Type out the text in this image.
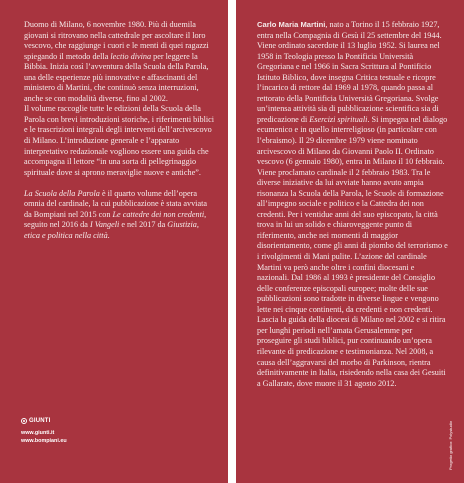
Duomo di Milano, 6 novembre 1980. Più di duemila giovani si ritrovano nella cattedrale per ascoltare il loro vescovo, che raggiunge i cuori e le menti di quei ragazzi spiegando il metodo della lectio divina per leggere la Bibbia. Inizia così l’avventura della Scuola della Parola, una delle esperienze più innovative e affascinanti del ministero di Martini, che continuò senza interruzioni, anche se con modalità diverse, fino al 2002.

Il volume raccoglie tutte le edizioni della Scuola della Parola con brevi introduzioni storiche, i riferimenti biblici e le trascrizioni integrali degli interventi dell’arcivescovo di Milano. L’introduzione generale e l’apparato interpretativo redazionale vogliono essere una guida che accompagna il lettore “in una sorta di pellegrinaggio spirituale dove si aprono meraviglie nuove e antiche”.

La Scuola della Parola è il quarto volume dell’opera omnia del cardinale, la cui pubblicazione è stata avviata da Bompiani nel 2015 con Le cattedre dei non credenti, seguito nel 2016 da I Vangeli e nel 2017 da Giustizia, etica e politica nella città.

Carlo Maria Martini, nato a Torino il 15 febbraio 1927, entra nella Compagnia di Gesù il 25 settembre del 1944. Viene ordinato sacerdote il 13 luglio 1952. Si laurea nel 1958 in Teologia presso la Pontificia Università Gregoriana e nel 1966 in Sacra Scrittura al Pontificio Istituto Biblico, dove insegna Critica testuale e ricopre l’incarico di rettore dal 1969 al 1978, quando passa al rettorato della Pontificia Università Gregoriana. Svolge un’intensa attività sia di pubblicazione scientifica sia di predicazione di Esercizi spirituali. Si impegna nel dialogo ecumenico e in quello interreligioso (in particolare con l’ebraismo). Il 29 dicembre 1979 viene nominato arcivescovo di Milano da Giovanni Paolo II. Ordinato vescovo (6 gennaio 1980), entra in Milano il 10 febbraio. Viene proclamato cardinale il 2 febbraio 1983. Tra le diverse iniziative da lui avviate hanno avuto ampia risonanza la Scuola della Parola, le Scuole di formazione all’impegno sociale e politico e la Cattedra dei non credenti. Per i ventidue anni del suo episcopato, la città trova in lui un solido e chiaroveggente punto di riferimento, anche nei momenti di maggior disorientamento, come gli anni di piombo del terrorismo e i rivolgimenti di Mani pulite. L’azione del cardinale Martini va però anche oltre i confini diocesani e nazionali. Dal 1986 al 1993 è presidente del Consiglio delle conferenze episcopali europee; molte delle sue pubblicazioni sono tradotte in diverse lingue e vengono lette nei cinque continenti, da credenti e non credenti. Lascia la guida della diocesi di Milano nel 2002 e si ritira per lunghi periodi nell’amata Gerusalemme per proseguire gli studi biblici, pur continuando un’opera rilevante di predicazione e testimonianza. Nel 2008, a causa dell’aggravarsi del morbo di Parkinson, rientra definitivamente in Italia, risiedendo nella casa dei Gesuiti a Gallarate, dove muore il 31 agosto 2012.

GIUNTI
www.giunti.it
www.bompiani.eu	Progetto grafico: Polystudio
